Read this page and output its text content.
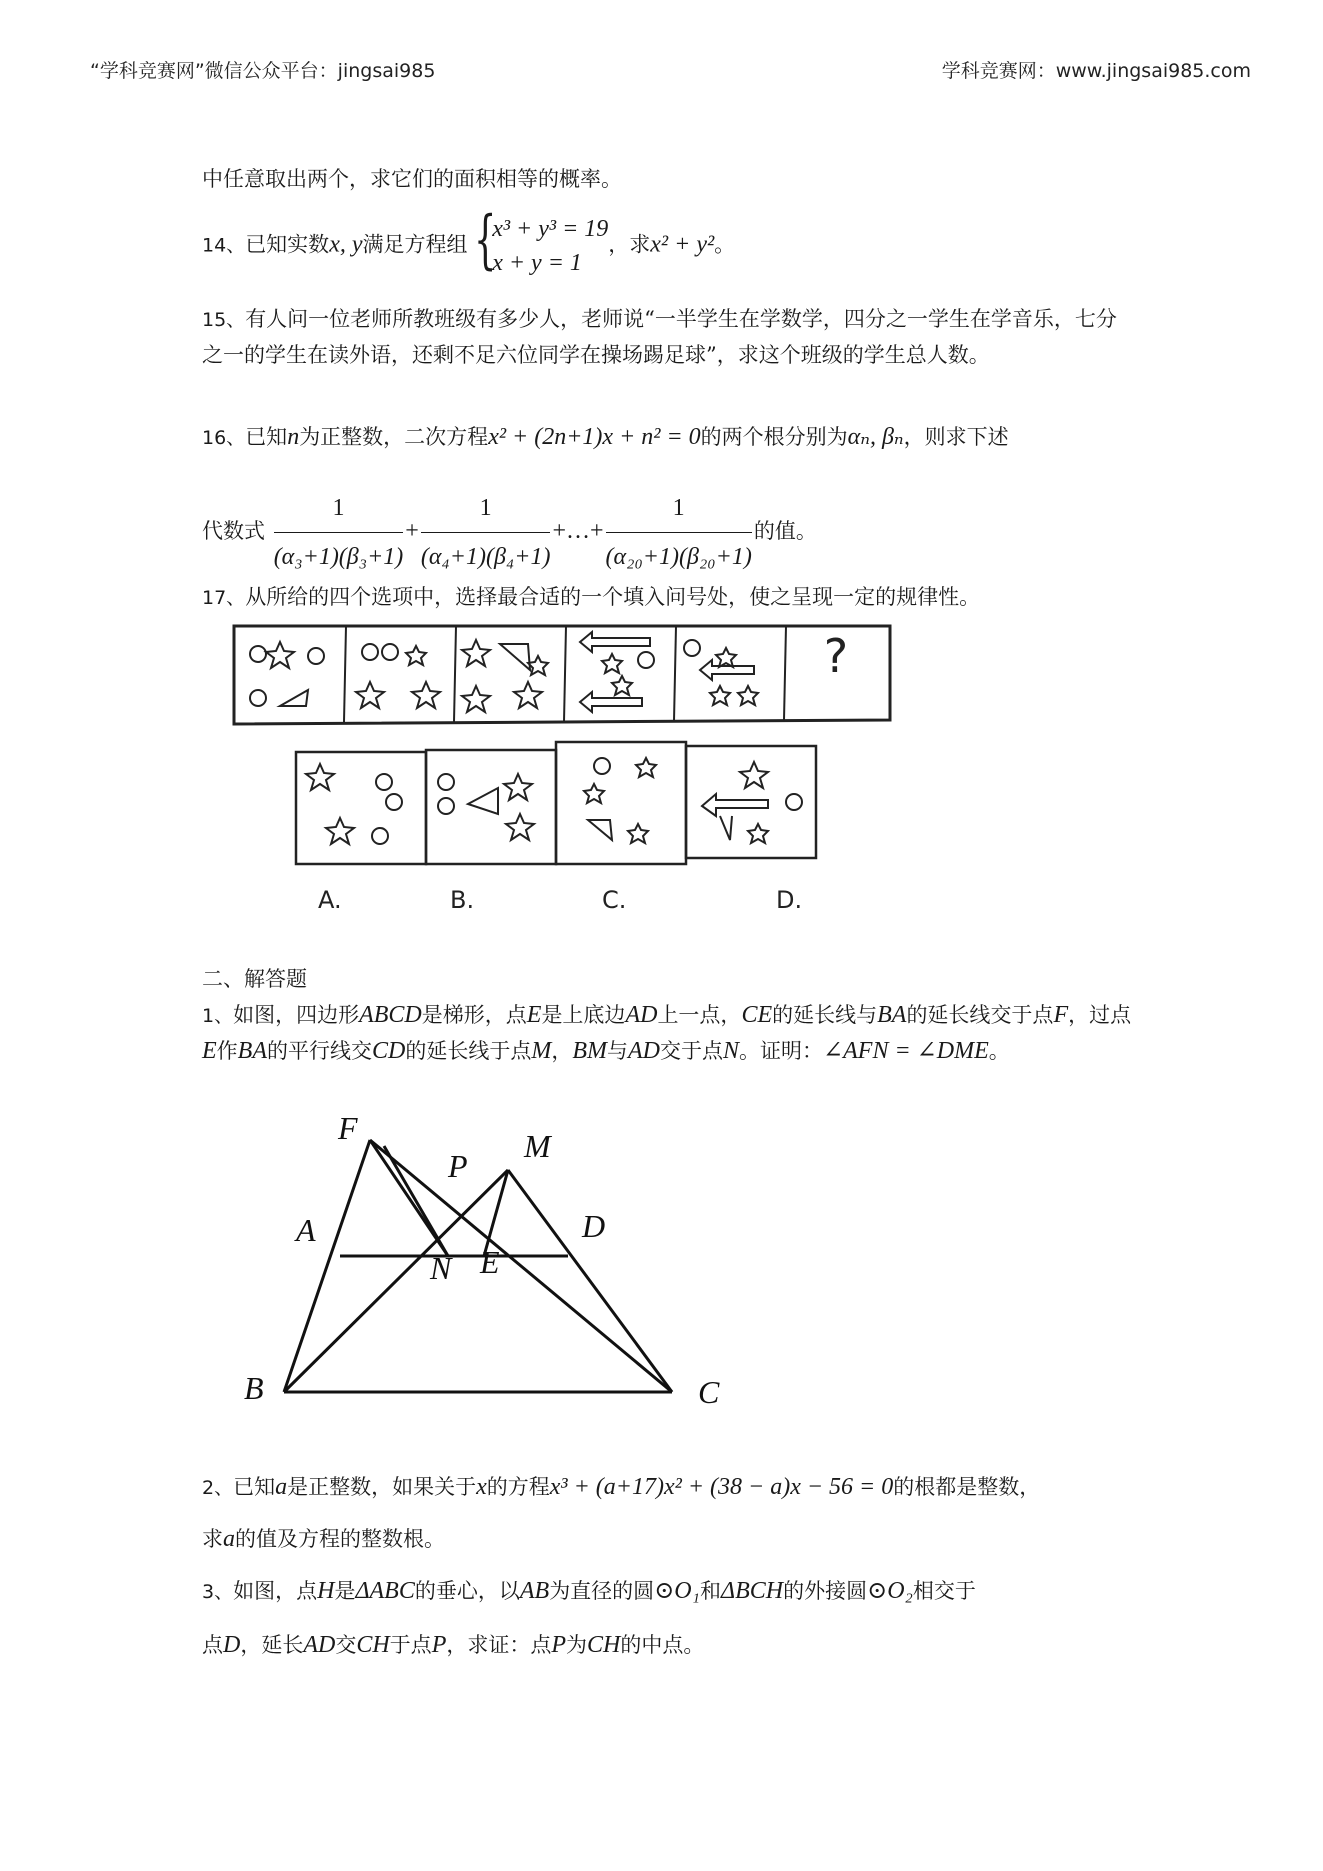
“学科竞赛网”微信公众平台：jingsai985	学科竞赛网：www.jingsai985.com
中任意取出两个，求它们的面积相等的概率。
14、已知实数x, y满足方程组 {
x³ + y³ = 19
x + y = 1
，求x² + y²。
15、有人问一位老师所教班级有多少人，老师说“一半学生在学数学，四分之一学生在学音乐，七分之一的学生在读外语，还剩不足六位同学在操场踢足球”，求这个班级的学生总人数。
16、已知n为正整数，二次方程x² + (2n+1)x + n² = 0的两个根分别为αₙ, βₙ，则求下述
代数式 $\frac{1}{\text{(α₃+1)(β₃+1)}} + \frac{1}{\text{(α₄+1)(β₄+1)}}$ +…+ $\frac{1}{\text{(α₂₀+1)(β₂₀+1)}}$ 的值。
17、从所给的四个选项中，选择最合适的一个填入问号处，使之呈现一定的规律性。
?
A.	B.	C.	D.
二、解答题
1、如图，四边形ABCD是梯形，点E是上底边AD上一点，CE的延长线与BA的延长线交于点F，过点E作BA的平行线交CD的延长线于点M，BM与AD交于点N。证明：∠AFN = ∠DME。
F
P
M
A	D
N E
B	C
2、已知a是正整数，如果关于x的方程x³ + (a+17)x² + (38 − a)x − 56 = 0的根都是整数，
求a的值及方程的整数根。
3、如图，点H是ΔABC的垂心，以AB为直径的圆⊙O₁和ΔBCH的外接圆⊙O₂相交于
点D，延长AD交CH于点P，求证：点P为CH的中点。
